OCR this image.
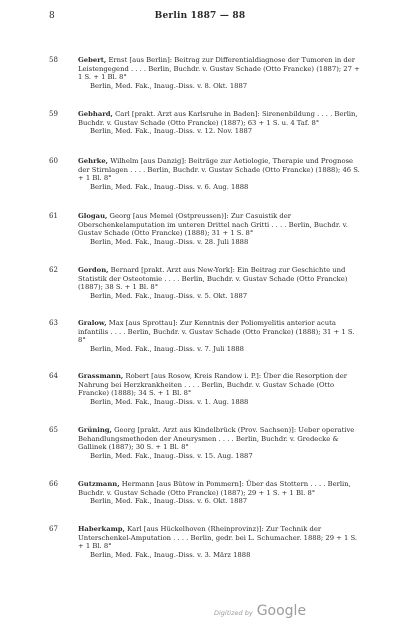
8	Berlin 1887 — 88
58	Gebert, Ernst [aus Berlin]: Beitrag zur Differentialdiagnose der Tumoren in der Leistengegend . . . . Berlin, Buchdr. v. Gustav Schade (Otto Francke) (1887); 27 + 1 S. + 1 Bl. 8°

Berlin, Med. Fak., Inaug.-Diss. v. 8. Okt. 1887

59	Gebhard, Carl [prakt. Arzt aus Karlsruhe in Baden]: Sirenenbildung . . . . Berlin, Buchdr. v. Gustav Schade (Otto Francke) (1887); 63 + 1 S. u. 4 Taf. 8°

Berlin, Med. Fak., Inaug.-Diss. v. 12. Nov. 1887

60	Gehrke, Wilhelm [aus Danzig]: Beiträge zur Aetiologie, Therapie und Prognose der Stirnlagen . . . . Berlin, Buchdr. v. Gustav Schade (Otto Francke) (1888); 46 S. + 1 Bl. 8°

Berlin, Med. Fak., Inaug.-Diss. v. 6. Aug. 1888

61	Glogau, Georg [aus Memel (Ostpreussen)]: Zur Casuistik der Oberschenkelamputation im unteren Drittel nach Gritti . . . . Berlin, Buchdr. v. Gustav Schade (Otto Francke) (1888); 31 + 1 S. 8°

Berlin, Med. Fak., Inaug.-Diss. v. 28. Juli 1888

62	Gordon, Bernard [prakt. Arzt aus New-York]: Ein Beitrag zur Geschichte und Statistik der Osteotomie . . . . Berlin, Buchdr. v. Gustav Schade (Otto Francke) (1887); 38 S. + 1 Bl. 8°

Berlin, Med. Fak., Inaug.-Diss. v. 5. Okt. 1887

63	Gralow, Max [aus Sprottau]: Zur Kenntnis der Poliomyelitis anterior acuta infantilis . . . . Berlin, Buchdr. v. Gustav Schade (Otto Francke) (1888); 31 + 1 S. 8°

Berlin, Med. Fak., Inaug.-Diss. v. 7. Juli 1888

64	Grassmann, Robert [aus Rosow, Kreis Randow i. P.]: Über die Resorption der Nahrung bei Herzkrankheiten . . . . Berlin, Buchdr. v. Gustav Schade (Otto Francke) (1888); 34 S. + 1 Bl. 8°

Berlin, Med. Fak., Inaug.-Diss. v. 1. Aug. 1888

65	Grüning, Georg [prakt. Arzt aus Kindelbrück (Prov. Sachsen)]: Ueber operative Behandlungsmethoden der Aneurysmen . . . . Berlin, Buchdr. v. Gredecke & Gallinek (1887); 30 S. + 1 Bl. 8°

Berlin, Med. Fak., Inaug.-Diss. v. 15. Aug. 1887

66	Gutzmann, Hermann [aus Bütow in Pommern]: Über das Stottern . . . . Berlin, Buchdr. v. Gustav Schade (Otto Francke) (1887); 29 + 1 S. + 1 Bl. 8°

Berlin, Med. Fak., Inaug.-Diss. v. 6. Okt. 1887

67	Haberkamp, Karl [aus Hückelhoven (Rheinprovinz)]: Zur Technik der Unterschenkel-Amputation . . . . Berlin, gedr. bei L. Schumacher. 1888; 29 + 1 S. + 1 Bl. 8°

Berlin, Med. Fak., Inaug.-Diss. v. 3. März 1888

Digitized by Google
